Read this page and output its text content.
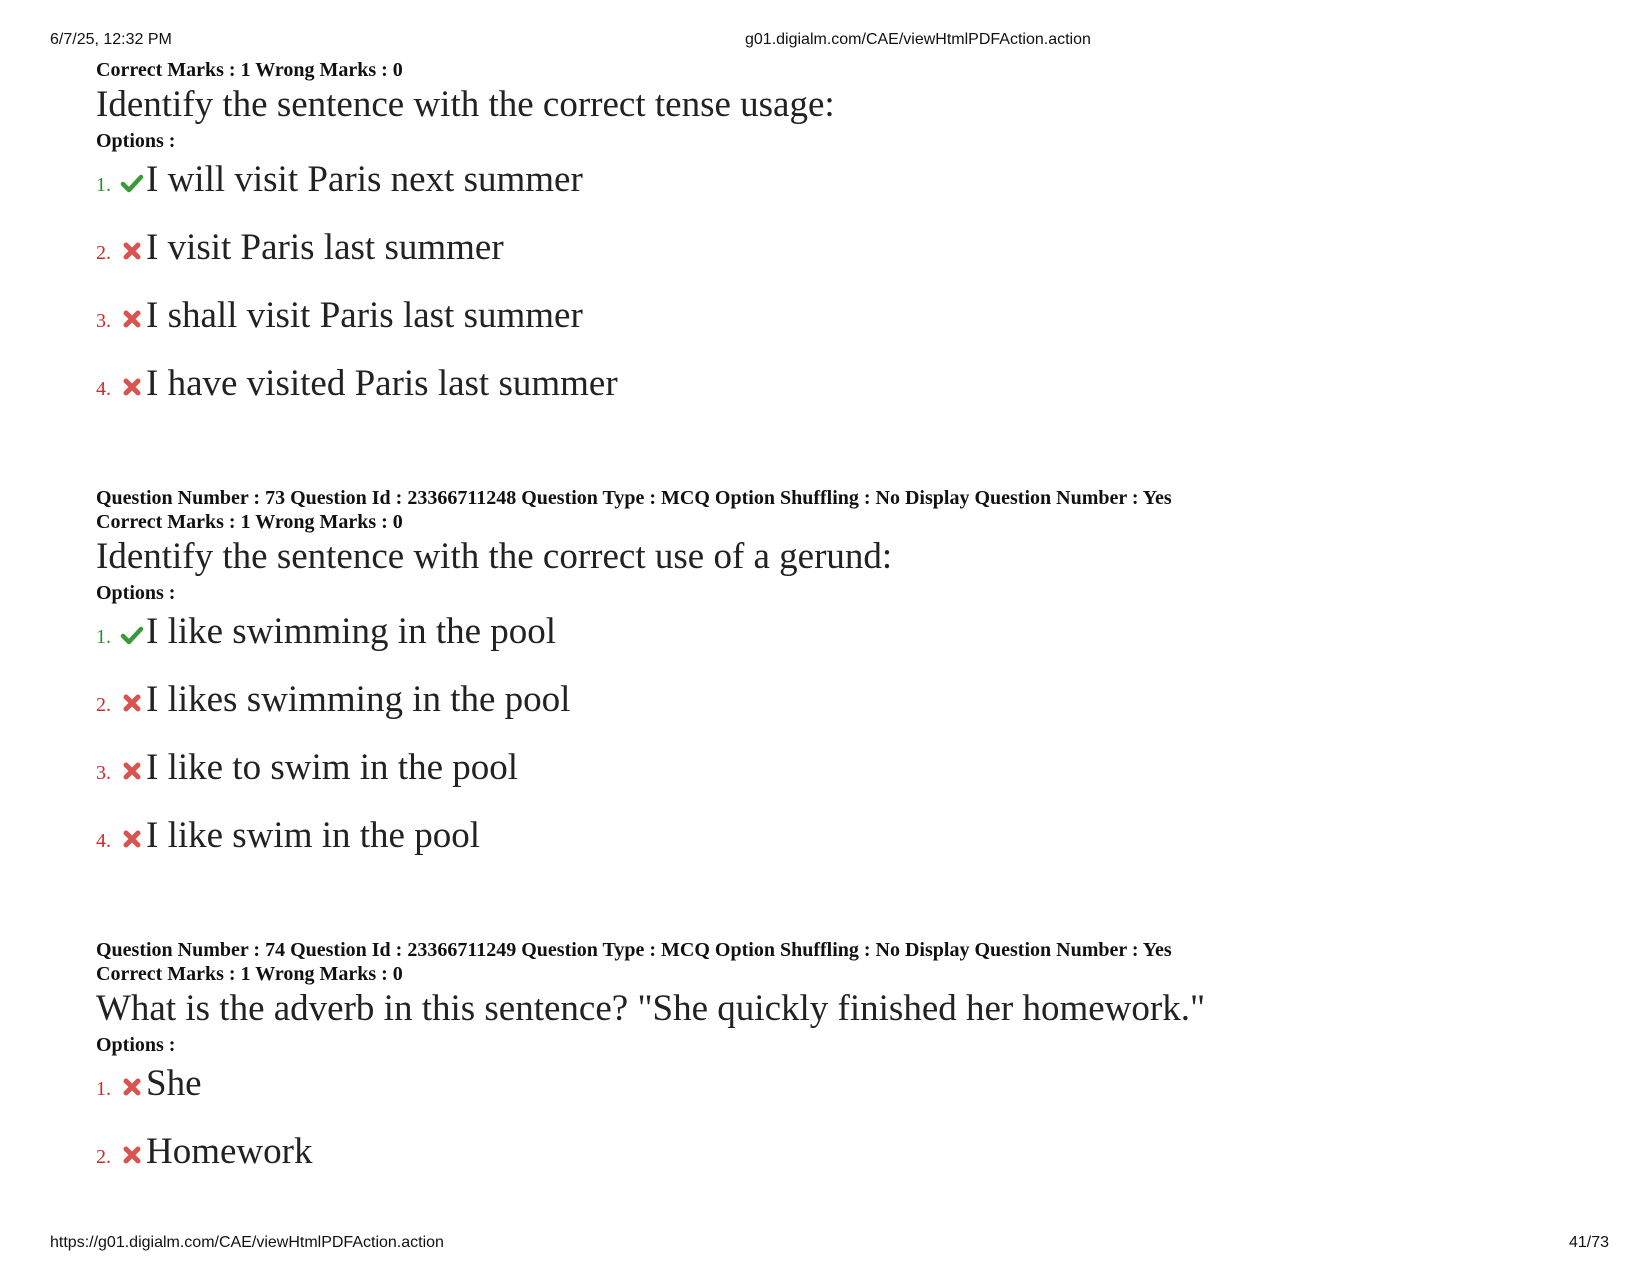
6/7/25, 12:32 PM	g01.digialm.com/CAE/viewHtmlPDFAction.action

Correct Marks : 1 Wrong Marks : 0

Identify the sentence with the correct tense usage:

Options :

1. I will visit Paris next summer
2. I visit Paris last summer
3. I shall visit Paris last summer
4. I have visited Paris last summer

Question Number : 73 Question Id : 23366711248 Question Type : MCQ Option Shuffling : No Display Question Number : Yes

Correct Marks : 1 Wrong Marks : 0

Identify the sentence with the correct use of a gerund:

Options :

1. I like swimming in the pool
2. I likes swimming in the pool
3. I like to swim in the pool
4. I like swim in the pool

Question Number : 74 Question Id : 23366711249 Question Type : MCQ Option Shuffling : No Display Question Number : Yes

Correct Marks : 1 Wrong Marks : 0

What is the adverb in this sentence? "She quickly finished her homework."

Options :

1. She
2. Homework
https://g01.digialm.com/CAE/viewHtmlPDFAction.action	41/73
